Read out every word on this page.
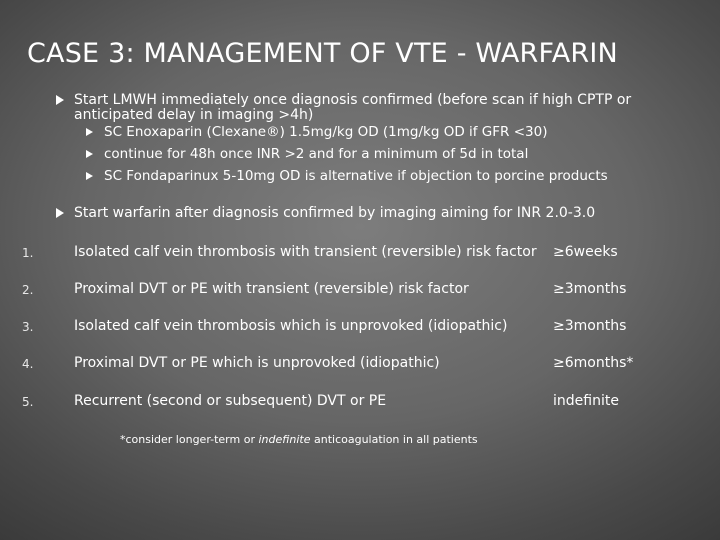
CASE 3: MANAGEMENT OF VTE - WARFARIN
Start LMWH immediately once diagnosis confirmed (before scan if high CPTP or
anticipated delay in imaging >4h)
SC Enoxaparin (Clexane®) 1.5mg/kg OD (1mg/kg OD if GFR <30)
continue for 48h once INR >2 and for a minimum of 5d in total
SC Fondaparinux 5-10mg OD is alternative if objection to porcine products
Start warfarin after diagnosis confirmed by imaging aiming for INR 2.0-3.0
1.	Isolated calf vein thrombosis with transient (reversible) risk factor ≥6weeks
2.	Proximal DVT or PE with transient (reversible) risk factor	≥3months
3.	Isolated calf vein thrombosis which is unprovoked (idiopathic)	≥3months
4.	Proximal DVT or PE which is unprovoked (idiopathic)	≥6months*
5.	Recurrent (second or subsequent) DVT or PE	indefinite
*consider longer-term or indefinite anticoagulation in all patients
